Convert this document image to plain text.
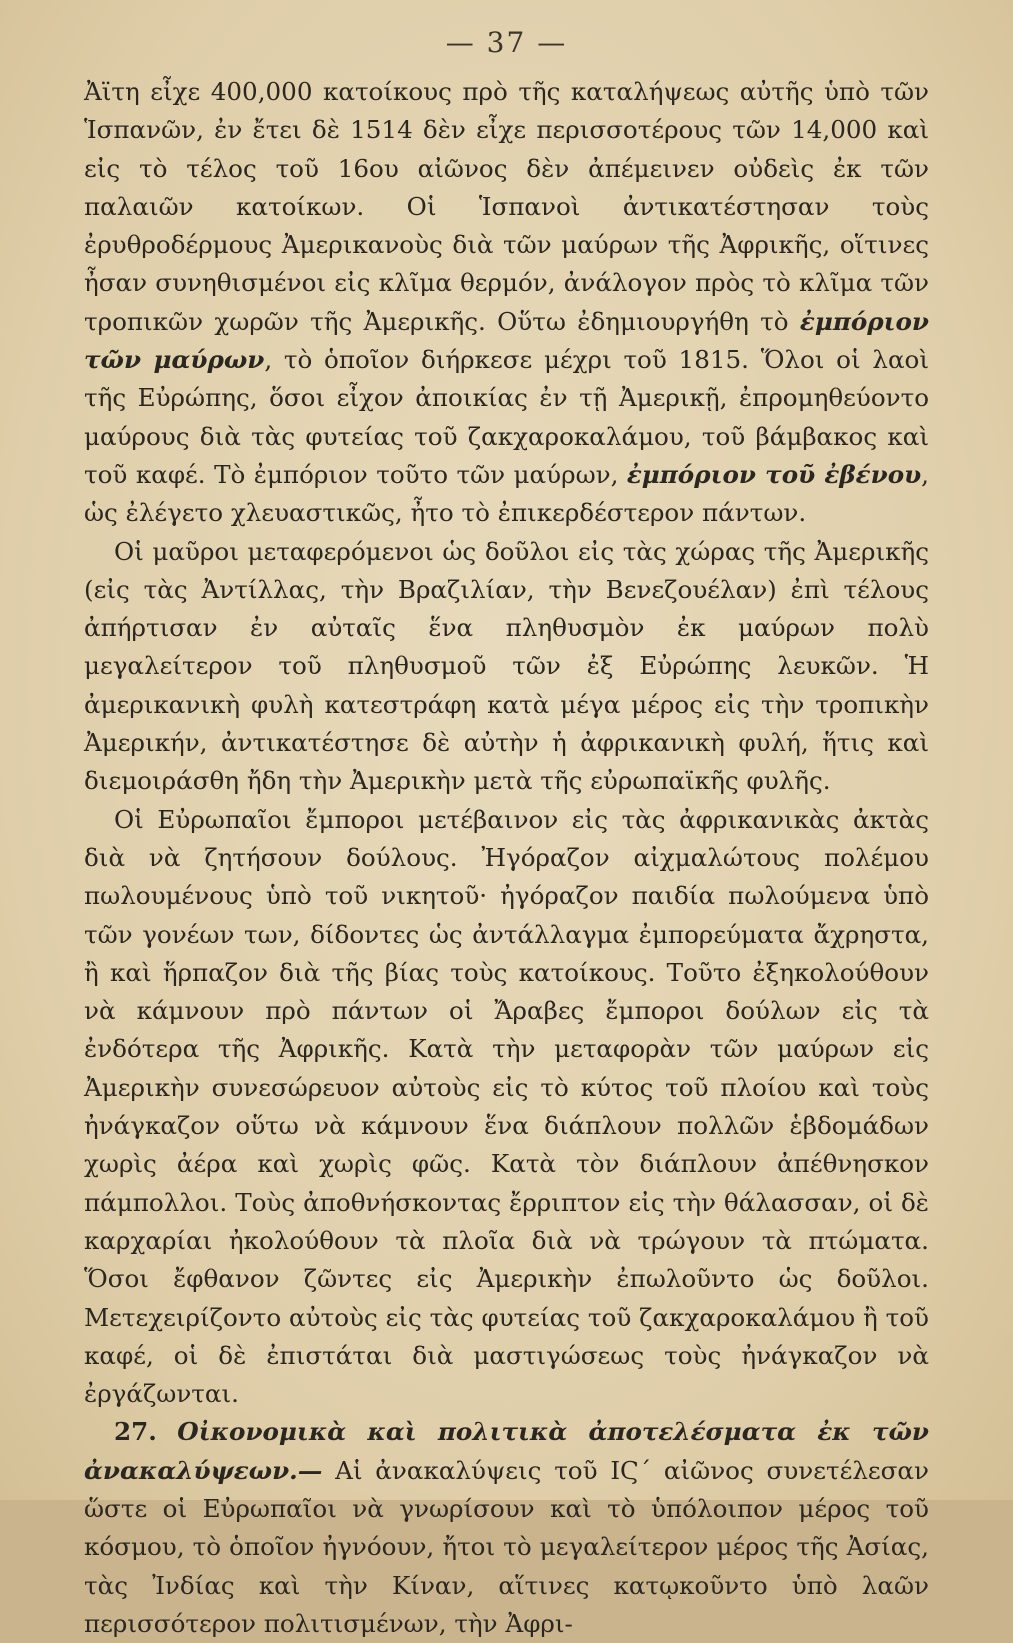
— 37 —

Ἀϊτη εἶχε 400,000 κατοίκους πρὸ τῆς καταλήψεως αὐτῆς ὑπὸ τῶν Ἱσπανῶν, ἐν ἔτει δὲ 1514 δὲν εἶχε περισσοτέρους τῶν 14,000 καὶ εἰς τὸ τέλος τοῦ 16ου αἰῶνος δὲν ἀπέμεινεν οὐδεὶς ἐκ τῶν παλαιῶν κατοίκων. Οἱ Ἱσπανοὶ ἀντικατέστησαν τοὺς ἐρυθροδέρμους Ἀμερικανοὺς διὰ τῶν μαύρων τῆς Ἀφρικῆς, οἵτινες ἦσαν συνηθισμένοι εἰς κλῖμα θερμόν, ἀνάλογον πρὸς τὸ κλῖμα τῶν τροπικῶν χωρῶν τῆς Ἀμερικῆς. Οὕτω ἐδημιουργήθη τὸ ἐμπόριον τῶν μαύρων, τὸ ὁποῖον διήρκεσε μέχρι τοῦ 1815. Ὅλοι οἱ λαοὶ τῆς Εὐρώπης, ὅσοι εἶχον ἀποικίας ἐν τῇ Ἀμερικῇ, ἐπρομηθεύοντο μαύρους διὰ τὰς φυτείας τοῦ ζακχαροκαλάμου, τοῦ βάμβακος καὶ τοῦ καφέ. Τὸ ἐμπόριον τοῦτο τῶν μαύρων, ἐμπόριον τοῦ ἐβένου, ὡς ἐλέγετο χλευαστικῶς, ἦτο τὸ ἐπικερδέστερον πάντων.

Οἱ μαῦροι μεταφερόμενοι ὡς δοῦλοι εἰς τὰς χώρας τῆς Ἀμερικῆς (εἰς τὰς Ἀντίλλας, τὴν Βραζιλίαν, τὴν Βενεζουέλαν) ἐπὶ τέλους ἀπήρτισαν ἐν αὐταῖς ἕνα πληθυσμὸν ἐκ μαύρων πολὺ μεγαλείτερον τοῦ πληθυσμοῦ τῶν ἐξ Εὐρώπης λευκῶν. Ἡ ἀμερικανικὴ φυλὴ κατεστράφη κατὰ μέγα μέρος εἰς τὴν τροπικὴν Ἀμερικήν, ἀντικατέστησε δὲ αὐτὴν ἡ ἀφρικανικὴ φυλή, ἥτις καὶ διεμοιράσθη ἤδη τὴν Ἀμερικὴν μετὰ τῆς εὐρωπαϊκῆς φυλῆς.

Οἱ Εὐρωπαῖοι ἔμποροι μετέβαινον εἰς τὰς ἀφρικανικὰς ἀκτὰς διὰ νὰ ζητήσουν δούλους. Ἠγόραζον αἰχμαλώτους πολέμου πωλουμένους ὑπὸ τοῦ νικητοῦ· ἠγόραζον παιδία πωλούμενα ὑπὸ τῶν γονέων των, δίδοντες ὡς ἀντάλλαγμα ἐμπορεύματα ἄχρηστα, ἢ καὶ ἥρπαζον διὰ τῆς βίας τοὺς κατοίκους. Τοῦτο ἐξηκολούθουν νὰ κάμνουν πρὸ πάντων οἱ Ἄραβες ἔμποροι δούλων εἰς τὰ ἐνδότερα τῆς Ἀφρικῆς. Κατὰ τὴν μεταφορὰν τῶν μαύρων εἰς Ἀμερικὴν συνεσώρευον αὐτοὺς εἰς τὸ κύτος τοῦ πλοίου καὶ τοὺς ἠνάγκαζον οὕτω νὰ κάμνουν ἕνα διάπλουν πολλῶν ἑβδομάδων χωρὶς ἀέρα καὶ χωρὶς φῶς. Κατὰ τὸν διάπλουν ἀπέθνησκον πάμπολλοι. Τοὺς ἀποθνήσκοντας ἔρριπτον εἰς τὴν θάλασσαν, οἱ δὲ καρχαρίαι ἠκολούθουν τὰ πλοῖα διὰ νὰ τρώγουν τὰ πτώματα. Ὅσοι ἔφθανον ζῶντες εἰς Ἀμερικὴν ἐπωλοῦντο ὡς δοῦλοι. Μετεχειρίζοντο αὐτοὺς εἰς τὰς φυτείας τοῦ ζακχαροκαλάμου ἢ τοῦ καφέ, οἱ δὲ ἐπιστάται διὰ μαστιγώσεως τοὺς ἠνάγκαζον νὰ ἐργάζωνται.

27. Οἰκονομικὰ καὶ πολιτικὰ ἀποτελέσματα ἐκ τῶν ἀνακαλύψεων.— Αἱ ἀνακαλύψεις τοῦ ΙϚ´ αἰῶνος συνετέλεσαν ὥστε οἱ Εὐρωπαῖοι νὰ γνωρίσουν καὶ τὸ ὑπόλοιπον μέρος τοῦ κόσμου, τὸ ὁποῖον ἠγνόουν, ἤτοι τὸ μεγαλείτερον μέρος τῆς Ἀσίας, τὰς Ἰνδίας καὶ τὴν Κίναν, αἵτινες κατῳκοῦντο ὑπὸ λαῶν περισσότερον πολιτισμένων, τὴν Ἀφρι-
